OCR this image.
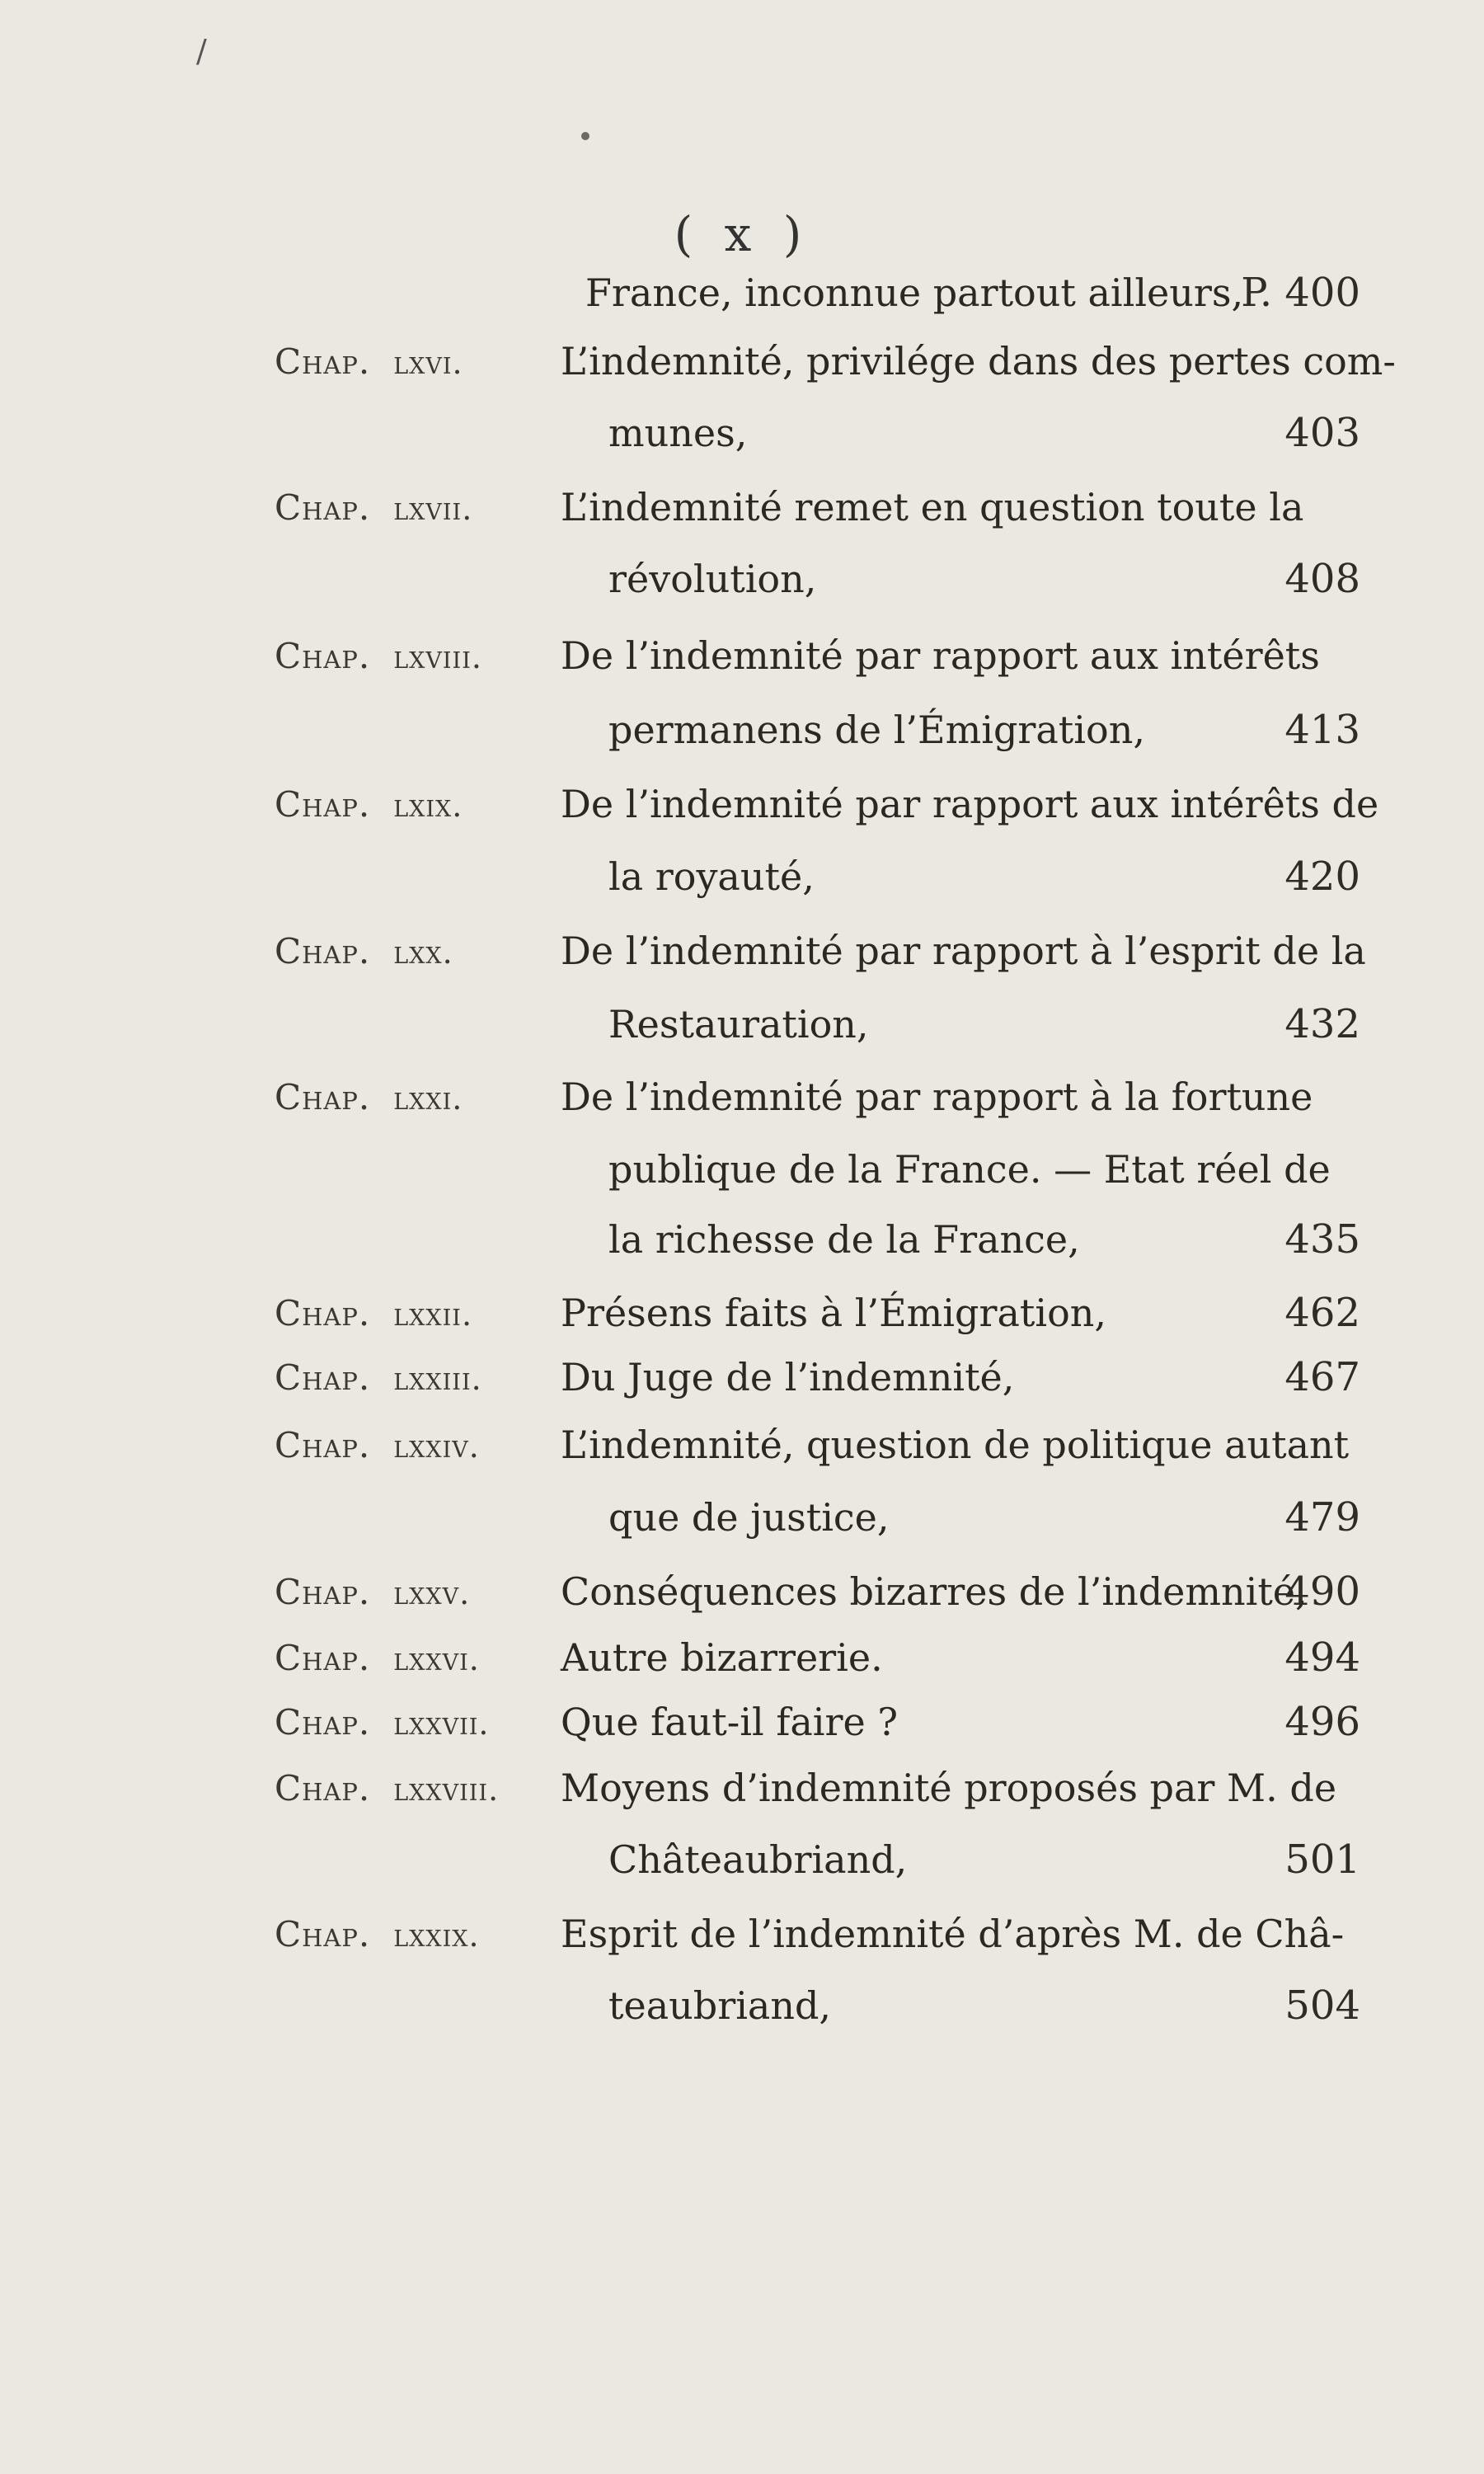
/
( x )
France, inconnue partout ailleurs,
P. 400
Chap. lxvi.	L’indemnité, privilége dans des pertes com-
munes,	403
Chap. lxvii. L’indemnité remet en question toute la
révolution,	408
Chap. lxviii. De l’indemnité par rapport aux intérêts
permanens de l’Émigration,	413
Chap. lxix.	De l’indemnité par rapport aux intérêts de
la royauté,	420
Chap. lxx.	De l’indemnité par rapport à l’esprit de la
Restauration,	432
Chap. lxxi.	De l’indemnité par rapport à la fortune
publique de la France. — Etat réel de
la richesse de la France,	435
Chap. lxxii. Présens faits à l’Émigration,	462
Chap. lxxiii. Du Juge de l’indemnité,	467
Chap. lxxiv. L’indemnité, question de politique autant
que de justice,	479
Chap. lxxv. Conséquences bizarres de l’indemnité,
490
Chap. lxxvi. Autre bizarrerie.	494
Chap. lxxvii. Que faut-il faire ?	496
Chap. lxxviii. Moyens d’indemnité proposés par M. de
Châteaubriand,	501
Chap. lxxix. Esprit de l’indemnité d’après M. de Châ-
teaubriand,	504
